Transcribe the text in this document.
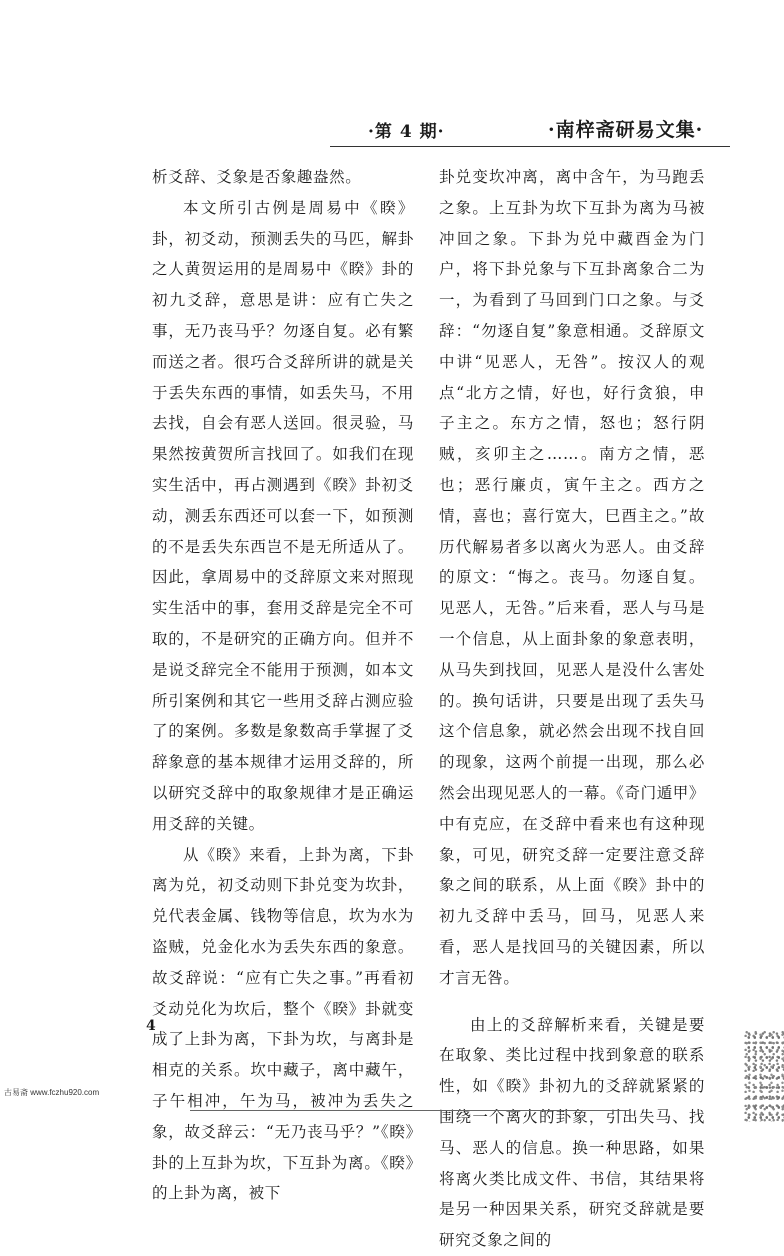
·第 4 期·	·南梓斋研易文集·

析爻辞、爻象是否象趣盎然。

本文所引古例是周易中《睽》卦，初爻动，预测丢失的马匹，解卦之人黄贺运用的是周易中《睽》卦的初九爻辞，意思是讲：应有亡失之事，无乃丧马乎？勿逐自复。必有繁而送之者。很巧合爻辞所讲的就是关于丢失东西的事情，如丢失马，不用去找，自会有恶人送回。很灵验，马果然按黄贺所言找回了。如我们在现实生活中，再占测遇到《睽》卦初爻动，测丢东西还可以套一下，如预测的不是丢失东西岂不是无所适从了。因此，拿周易中的爻辞原文来对照现实生活中的事，套用爻辞是完全不可取的，不是研究的正确方向。但并不是说爻辞完全不能用于预测，如本文所引案例和其它一些用爻辞占测应验了的案例。多数是象数高手掌握了爻辞象意的基本规律才运用爻辞的，所以研究爻辞中的取象规律才是正确运用爻辞的关键。

从《睽》来看，上卦为离，下卦离为兑，初爻动则下卦兑变为坎卦，兑代表金属、钱物等信息，坎为水为盗贼，兑金化水为丢失东西的象意。故爻辞说：“应有亡失之事。”再看初爻动兑化为坎后，整个《睽》卦就变成了上卦为离，下卦为坎，与离卦是相克的关系。坎中藏子，离中藏午，子午相冲，午为马，被冲为丢失之象，故爻辞云：“无乃丧马乎？”《睽》卦的上互卦为坎，下互卦为离。《睽》的上卦为离，被下

卦兑变坎冲离，离中含午，为马跑丢之象。上互卦为坎下互卦为离为马被冲回之象。下卦为兑中藏酉金为门户，将下卦兑象与下互卦离象合二为一，为看到了马回到门口之象。与爻辞：“勿逐自复”象意相通。爻辞原文中讲“见恶人，无咎”。按汉人的观点“北方之情，好也，好行贪狼，申子主之。东方之情，怒也；怒行阴贼，亥卯主之……。南方之情，恶也；恶行廉贞，寅午主之。西方之情，喜也；喜行宽大，巳酉主之。”故历代解易者多以离火为恶人。由爻辞的原文：“悔之。丧马。勿逐自复。见恶人，无咎。”后来看，恶人与马是一个信息，从上面卦象的象意表明，从马失到找回，见恶人是没什么害处的。换句话讲，只要是出现了丢失马这个信息象，就必然会出现不找自回的现象，这两个前提一出现，那么必然会出现见恶人的一幕。《奇门遁甲》中有克应，在爻辞中看来也有这种现象，可见，研究爻辞一定要注意爻辞象之间的联系，从上面《睽》卦中的初九爻辞中丢马，回马，见恶人来看，恶人是找回马的关键因素，所以才言无咎。

由上的爻辞解析来看，关键是要在取象、类比过程中找到象意的联系性，如《睽》卦初九的爻辞就紧紧的围绕一个离火的卦象，引出失马、找马、恶人的信息。换一种思路，如果将离火类比成文件、书信，其结果将是另一种因果关系，研究爻辞就是要研究爻象之间的

4
古易斋 www.fczhu920.com
